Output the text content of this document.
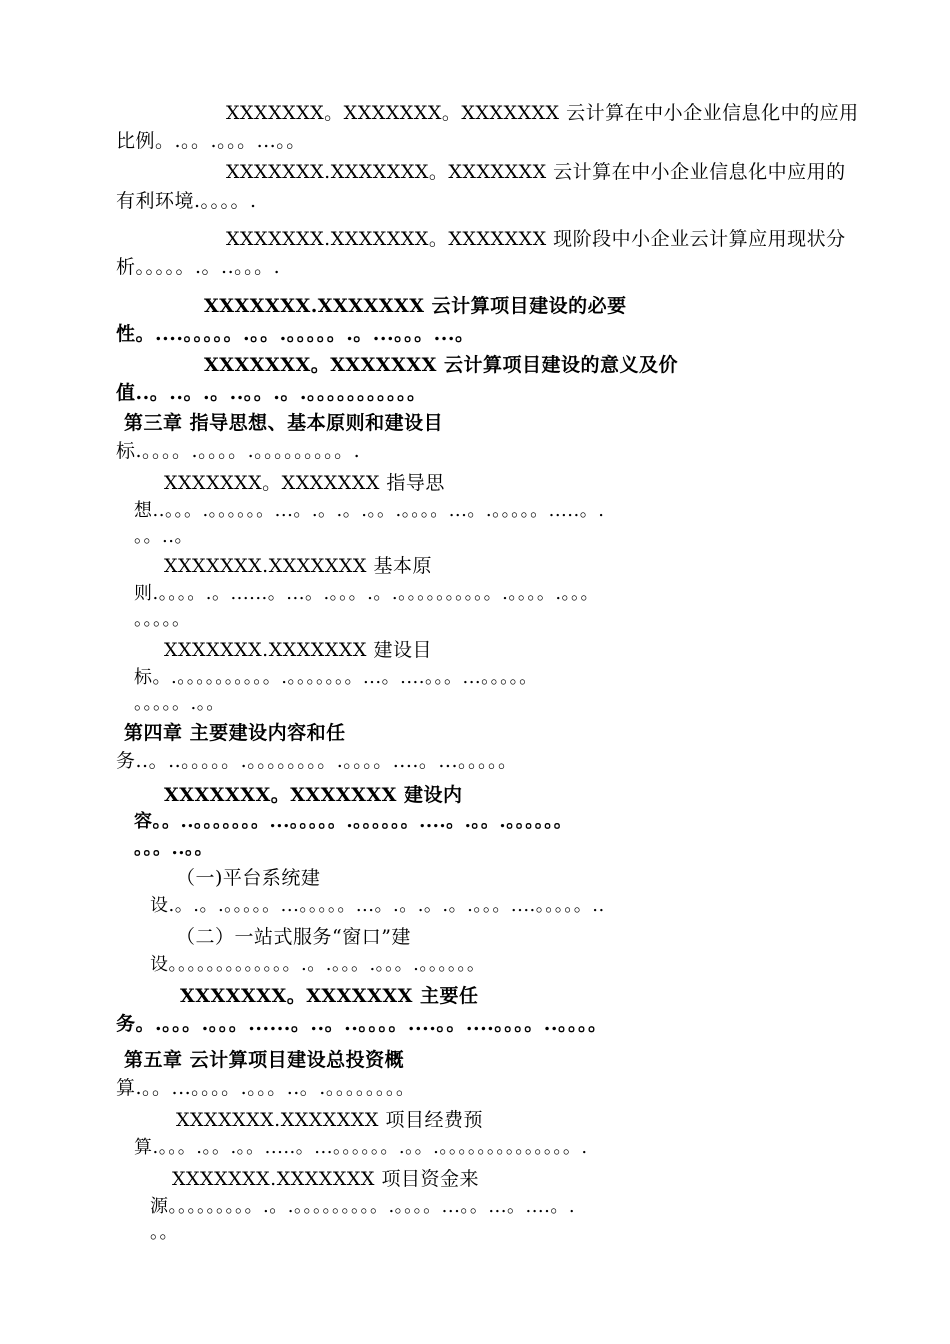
XXXXXXX。XXXXXXX。XXXXXXX 云计算在中小企业信息化中的应用

比例。.。。.。。。...。。

XXXXXXX.XXXXXXX。XXXXXXX 云计算在中小企业信息化中应用的

有利环境.。。。。.

XXXXXXX.XXXXXXX。XXXXXXX 现阶段中小企业云计算应用现状分

析。。。。。.。..。。。.

XXXXXXX.XXXXXXX 云计算项目建设的必要

性。....。。。。。.。。.。。。。。.。...。。。...。

XXXXXXX。XXXXXXX 云计算项目建设的意义及价

值..。..。.。..。。.。.。。。。。。。。。。。

第三章 指导思想、基本原则和建设目

标.。。。。.。。。。.。。。。。。。。。.

XXXXXXX。XXXXXXX 指导思

想..。。。.。。。。。。...。.。.。.。。.。。。。...。.。。。。。.....。.

。。..。

XXXXXXX.XXXXXXX 基本原

则.。。。。.。......。...。.。。。.。.。。。。。。。。。。.。。。。.。。。

。。。。。

XXXXXXX.XXXXXXX 建设目

标。.。。。。。。。。。。.。。。。。。。...。....。。。...。。。。。

。。。。。.。。

第四章 主要建设内容和任

务..。..。。。。。.。。。。。。。。.。。。。....。...。。。。。

XXXXXXX。XXXXXXX 建设内

容。。..。。。。。。。...。。。。。.。。。。。。....。.。。.。。。。。。

。。。..。。

（一)平台系统建

设.。.。.。。。。。...。。。。。...。.。.。.。.。。。....。。。。。..

（二）一站式服务“窗口”建

设。。。。。。。。。。。。。.。.。。。.。。。.。。。。。。

XXXXXXX。XXXXXXX 主要任

务。.。。。.。。。......。..。..。。。。....。。....。。。。..。。。。

第五章 云计算项目建设总投资概

算.。。...。。。。.。。。..。.。。。。。。。。

XXXXXXX.XXXXXXX 项目经费预

算.。。。.。。.。。.....。...。。。。。。.。。.。。。。。。。。。。。。。。.

XXXXXXX.XXXXXXX 项目资金来

源。。。。。。。。。.。.。。。。。。。。。.。。。。...。。...。....。.

。。
